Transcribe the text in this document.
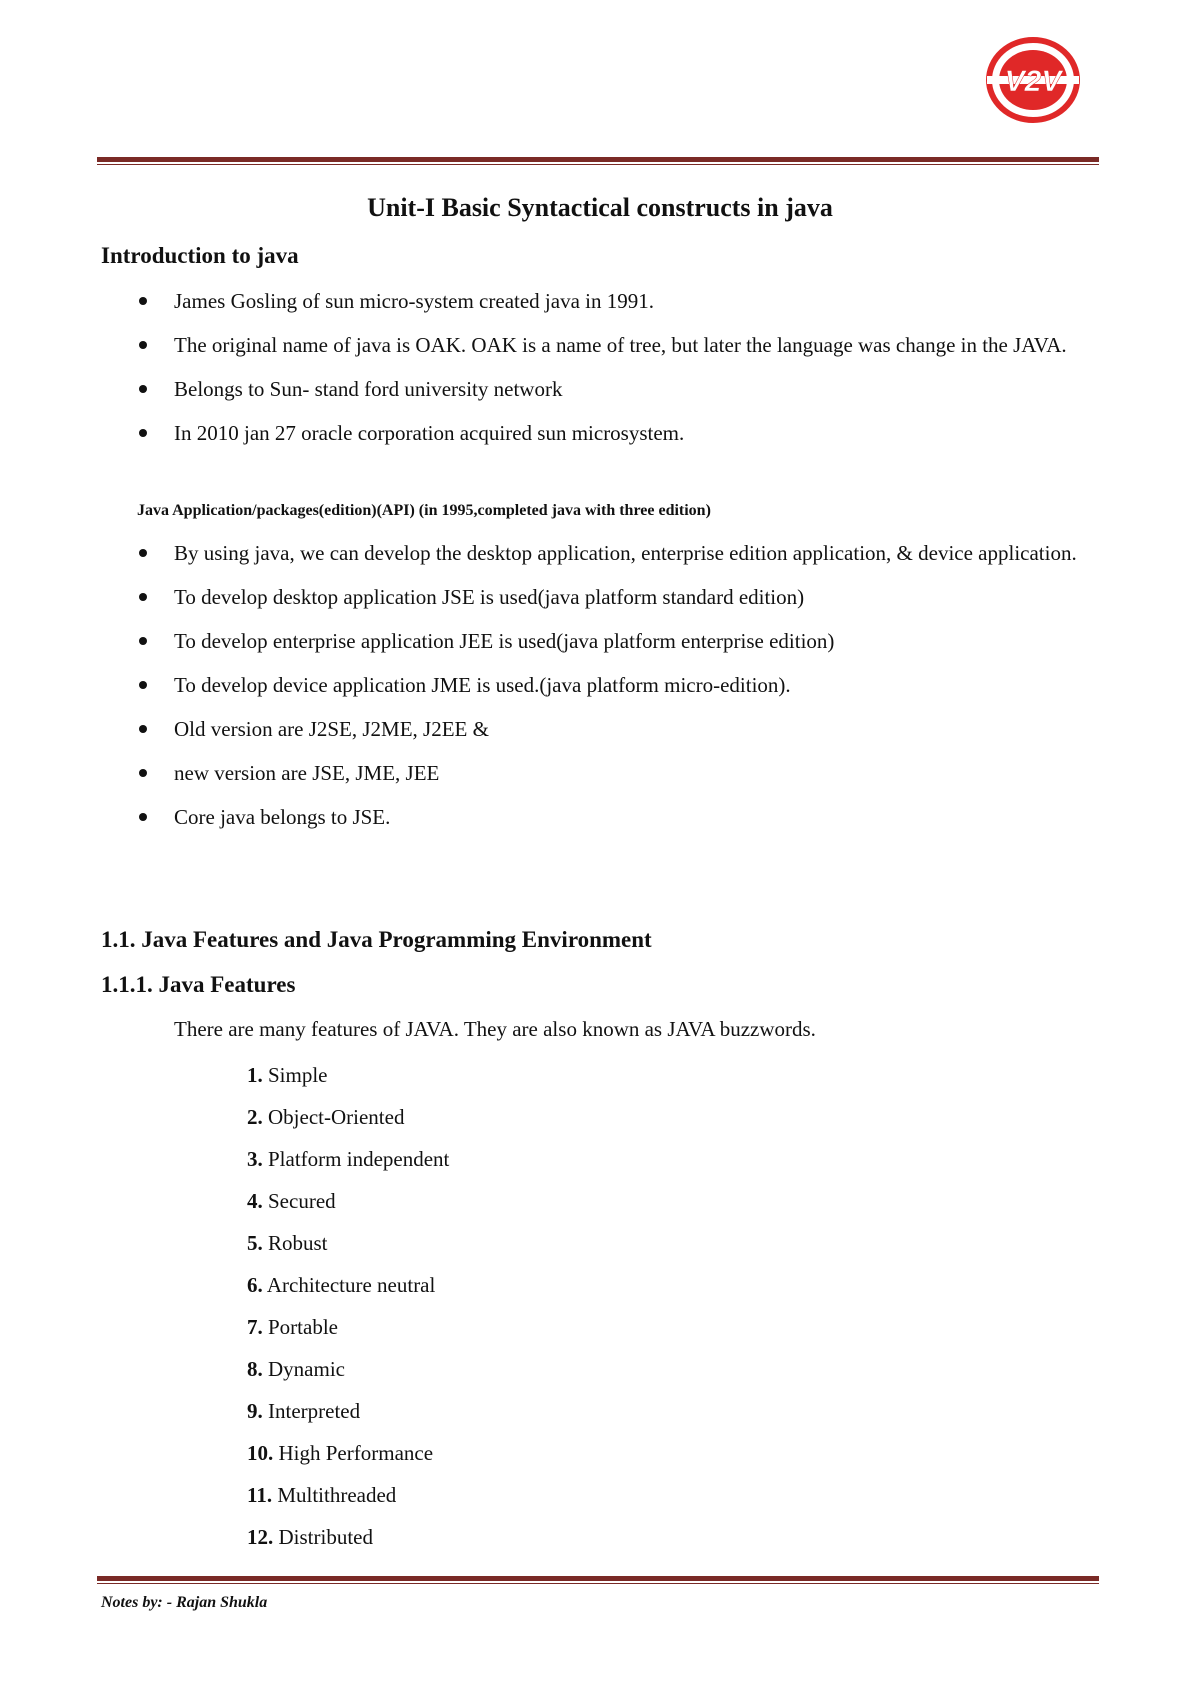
V2V
Unit-I Basic Syntactical constructs in java
Introduction to java
James Gosling of sun micro-system created java in 1991.
The original name of java is OAK. OAK is a name of tree, but later the language was change in the JAVA.
Belongs to Sun- stand ford university network
In 2010 jan 27 oracle corporation acquired sun microsystem.

Java Application/packages(edition)(API) (in 1995,completed java with three edition)

By using java, we can develop the desktop application, enterprise edition application, & device application.
To develop desktop application JSE is used(java platform standard edition)
To develop enterprise application JEE is used(java platform enterprise edition)
To develop device application JME is used.(java platform micro-edition).
Old version are J2SE, J2ME, J2EE &
new version are JSE, JME, JEE
Core java belongs to JSE.
1.1. Java Features and Java Programming Environment
1.1.1. Java Features

There are many features of JAVA. They are also known as JAVA buzzwords.

1. Simple
2. Object-Oriented
3. Platform independent
4. Secured
5. Robust
6. Architecture neutral
7. Portable
8. Dynamic
9. Interpreted
10. High Performance
11. Multithreaded
12. Distributed

Notes by: - Rajan Shukla
